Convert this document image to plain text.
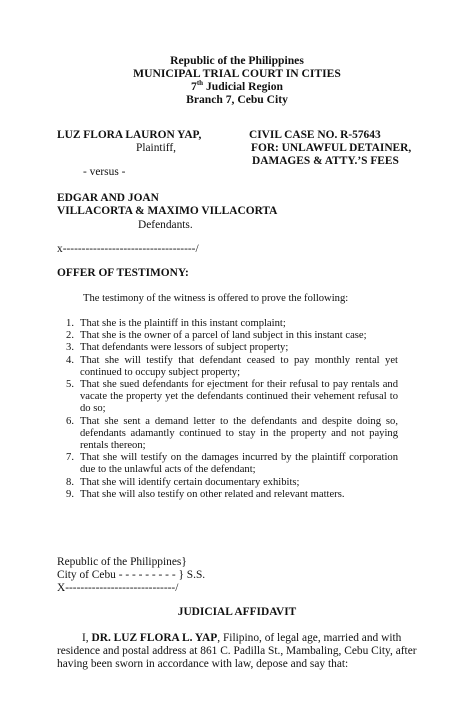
Republic of the Philippines
MUNICIPAL TRIAL COURT IN CITIES
7th Judicial Region
Branch 7, Cebu City
LUZ FLORA LAURON YAP,
Plaintiff,
- versus -
EDGAR AND JOAN
VILLACORTA & MAXIMO VILLACORTA
Defendants.
CIVIL CASE NO. R-57643
FOR: UNLAWFUL DETAINER,
DAMAGES & ATTY.’S FEES
x-----------------------------------/
OFFER OF TESTIMONY:
The testimony of the witness is offered to prove the following:
1. That she is the plaintiff in this instant complaint;
2. That she is the owner of a parcel of land subject in this instant case;
3. That defendants were lessors of subject property;
4. That she will testify that defendant ceased to pay monthly rental yet continued to occupy subject property;
5. That she sued defendants for ejectment for their refusal to pay rentals and vacate the property yet the defendants continued their vehement refusal to do so;
6. That she sent a demand letter to the defendants and despite doing so, defendants adamantly continued to stay in the property and not paying rentals thereon;
7. That she will testify on the damages incurred by the plaintiff corporation due to the unlawful acts of the defendant;
8. That she will identify certain documentary exhibits;
9. That she will also testify on other related and relevant matters.
Republic of the Philippines}
City of Cebu - - - - - - - - - } S.S.
X-----------------------------/
JUDICIAL AFFIDAVIT
I, DR. LUZ FLORA L. YAP, Filipino, of legal age, married and with
residence and postal address at 861 C. Padilla St., Mambaling, Cebu City, after
having been sworn in accordance with law, depose and say that:
